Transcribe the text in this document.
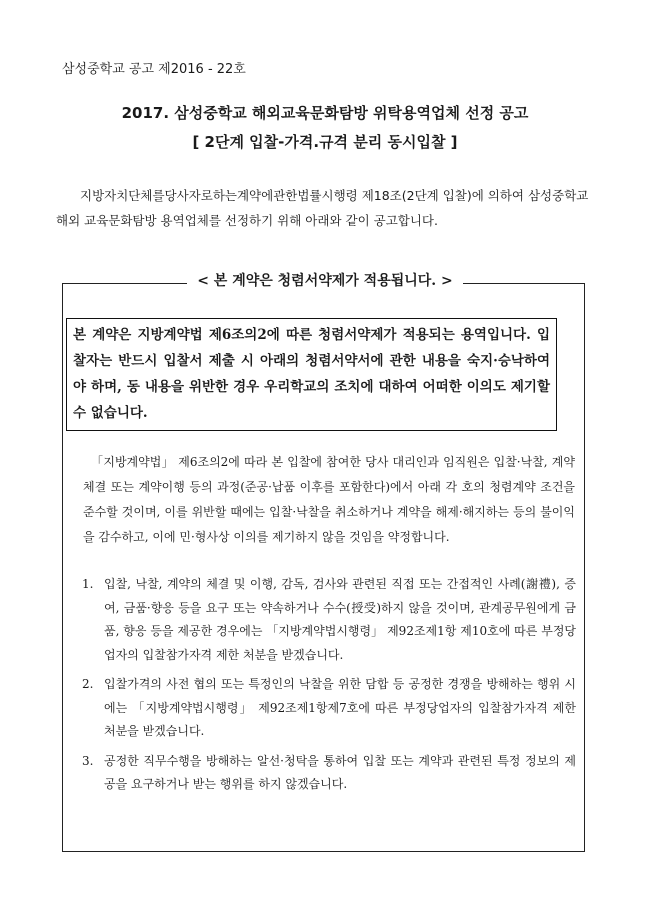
삼성중학교 공고 제2016 - 22호
2017. 삼성중학교 해외교육문화탐방 위탁용역업체 선정 공고
[ 2단계 입찰-가격.규격 분리 동시입찰 ]
지방자치단체를당사자로하는계약에관한법률시행령 제18조(2단계 입찰)에 의하여 삼성중학교 해외 교육문화탐방 용역업체를 선정하기 위해 아래와 같이 공고합니다.
< 본 계약은 청렴서약제가 적용됩니다. >
본 계약은 지방계약법 제6조의2에 따른 청렴서약제가 적용되는 용역입니다. 입찰자는 반드시 입찰서 제출 시 아래의 청렴서약서에 관한 내용을 숙지·승낙하여야 하며, 동 내용을 위반한 경우 우리학교의 조치에 대하여 어떠한 이의도 제기할 수 없습니다.
「지방계약법」 제6조의2에 따라 본 입찰에 참여한 당사 대리인과 임직원은 입찰·낙찰, 계약체결 또는 계약이행 등의 과정(준공·납품 이후를 포함한다)에서 아래 각 호의 청렴계약 조건을 준수할 것이며, 이를 위반할 때에는 입찰·낙찰을 취소하거나 계약을 해제·해지하는 등의 불이익을 감수하고, 이에 민·형사상 이의를 제기하지 않을 것임을 약정합니다.
1. 입찰, 낙찰, 계약의 체결 및 이행, 감독, 검사와 관련된 직접 또는 간접적인 사례(謝禮), 증여, 금품·향응 등을 요구 또는 약속하거나 수수(授受)하지 않을 것이며, 관계공무원에게 금품, 향응 등을 제공한 경우에는 「지방계약법시행령」 제92조제1항 제10호에 따른 부정당업자의 입찰참가자격 제한 처분을 받겠습니다.
2. 입찰가격의 사전 협의 또는 특정인의 낙찰을 위한 담합 등 공정한 경쟁을 방해하는 행위 시에는 「지방계약법시행령」 제92조제1항제7호에 따른 부정당업자의 입찰참가자격 제한 처분을 받겠습니다.
3. 공정한 직무수행을 방해하는 알선·청탁을 통하여 입찰 또는 계약과 관련된 특정 정보의 제공을 요구하거나 받는 행위를 하지 않겠습니다.
